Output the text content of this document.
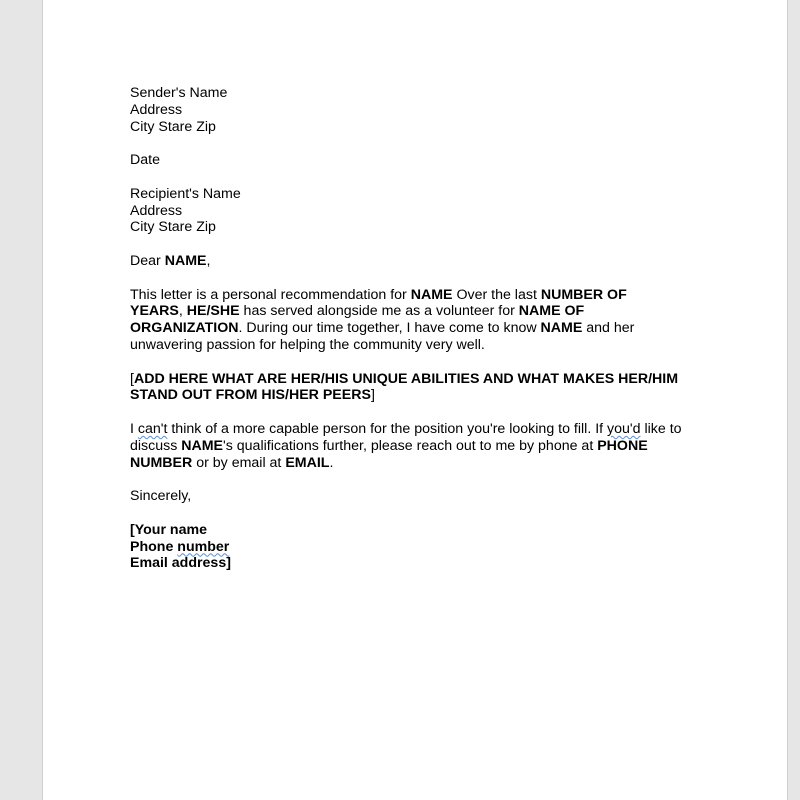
Sender's Name
Address
City Stare Zip
Date
Recipient's Name
Address
City Stare Zip
Dear NAME,
This letter is a personal recommendation for NAME Over the last NUMBER OF
YEARS, HE/SHE has served alongside me as a volunteer for NAME OF
ORGANIZATION. During our time together, I have come to know NAME and her
unwavering passion for helping the community very well.
[ADD HERE WHAT ARE HER/HIS UNIQUE ABILITIES AND WHAT MAKES HER/HIM
STAND OUT FROM HIS/HER PEERS]
I can't think of a more capable person for the position you're looking to fill. If you'd like to
discuss NAME's qualifications further, please reach out to me by phone at PHONE
NUMBER or by email at EMAIL.
Sincerely,
[Your name
Phone number
Email address]
